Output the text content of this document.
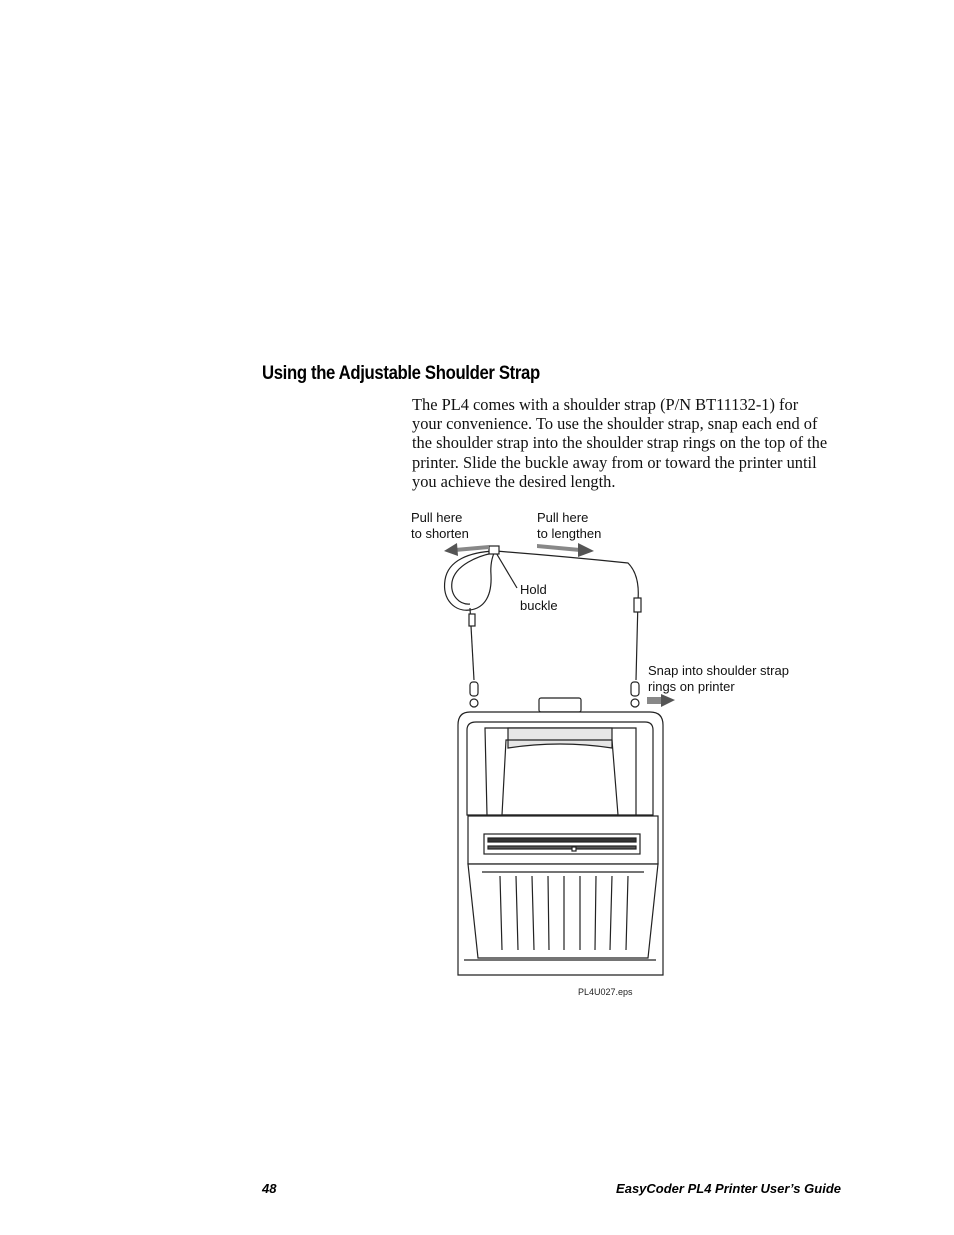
Using the Adjustable Shoulder Strap
The PL4 comes with a shoulder strap (P/N BT11132-1) for
your convenience. To use the shoulder strap, snap each end of
the shoulder strap into the shoulder strap rings on the top of the
printer. Slide the buckle away from or toward the printer until
you achieve the desired length.
Pull here
to shorten
Pull here
to lengthen
Hold
buckle
Snap into shoulder strap
rings on printer
PL4U027.eps
48	EasyCoder PL4 Printer User’s Guide
